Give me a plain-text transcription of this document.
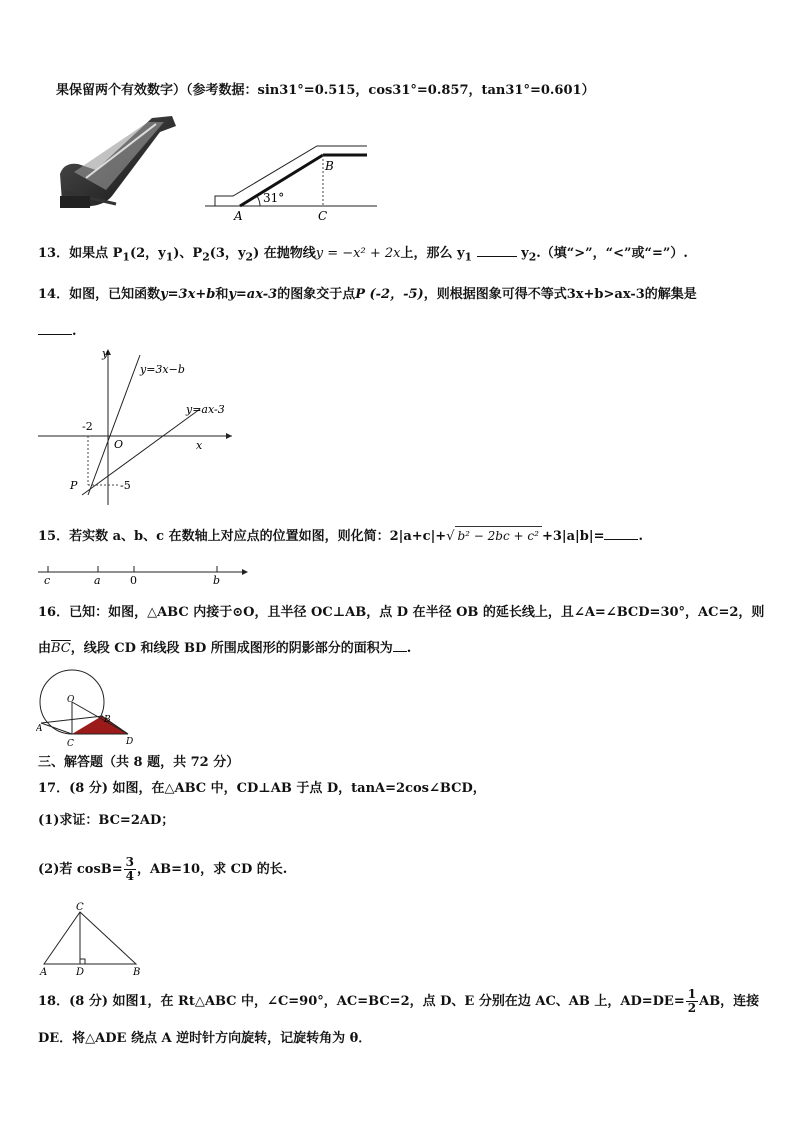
果保留两个有效数字）（参考数据：sin31°=0.515，cos31°=0.857，tan31°=0.601）
B
31°
A	C
13．如果点 $P_1(2$，$y_1$)、$P_2(3$，$y_2$) 在抛物线y = −x² + 2x上，那么 $y_1$	$y_2$.（填“>”，“<”或“=”）.
14．如图，已知函数y=3x+b和y=ax-3的图象交于点P (-2，-5)，则根据图象可得不等式3x+b>ax-3的解集是
.
y
x
O
-2
-5
P
y=3x−b
y=ax-3
15．若实数 a、b、c 在数轴上对应点的位置如图，则化简：2|a+c|+√ b² − 2bc + c² +3|a|b|=	.
c	a	0	b
16．已知：如图，△ABC 内接于⊙O，且半径 OC⊥AB，点 D 在半径 OB 的延长线上，且∠A=∠BCD=30°，AC=2，则
由$\overline{BC}$，线段 CD 和线段 BD 所围成图形的阴影部分的面积为 .
O
A
B
C	D
三、解答题（共 8 题，共 72 分）
17．(8 分) 如图，在△ABC 中，CD⊥AB 于点 D，tanA=2cos∠BCD，
(1)求证：BC=2AD；
(2)若 $\cos B= \frac{3}{4}$ ，AB=10，求 CD 的长.
C
A	D	B
18．(8 分) 如图1，在 Rt△ABC 中，∠C=90°，AC=BC=2，点 D、E 分别在边 AC、AB 上，$AD=DE= \frac{1}{2}$ AB，连接
DE．将△ADE 绕点 A 逆时针方向旋转，记旋转角为 θ．
